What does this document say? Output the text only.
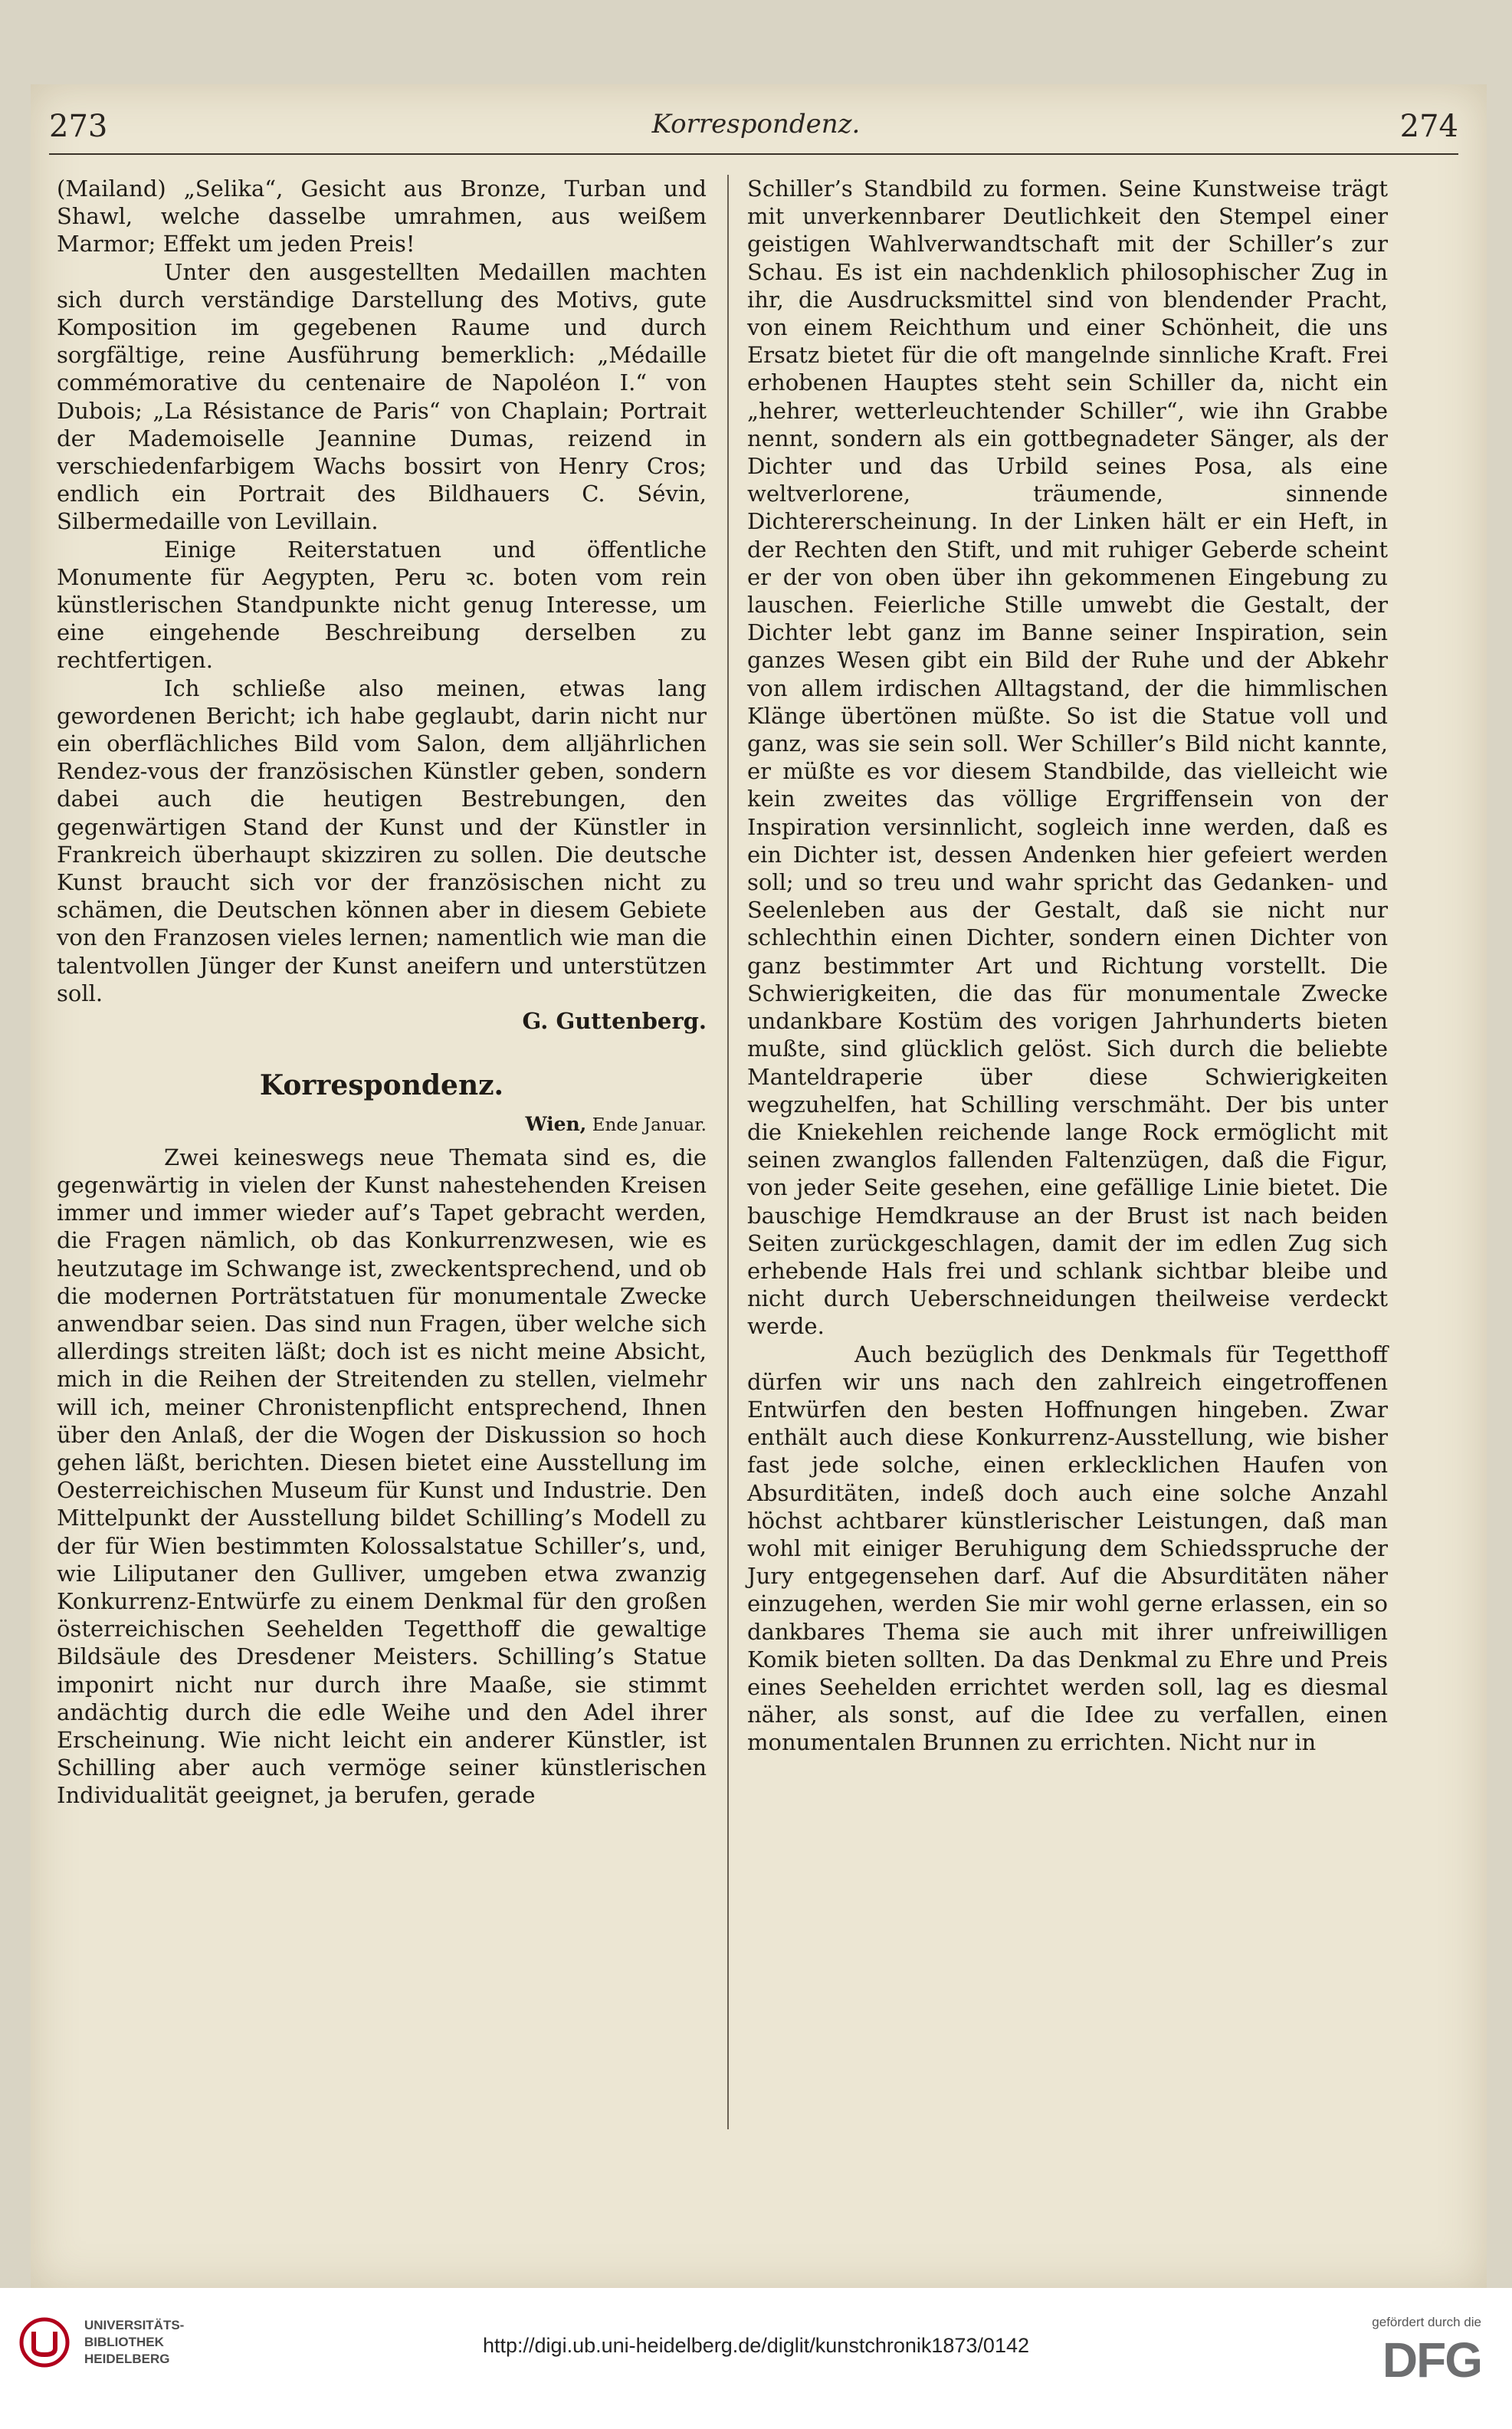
273	Korrespondenz.	274

(Mailand) „Selika“, Gesicht aus Bronze, Turban und Shawl, welche dasselbe umrahmen, aus weißem Marmor; Effekt um jeden Preis!

Unter den ausgestellten Medaillen machten sich durch verständige Darstellung des Motivs, gute Komposition im gegebenen Raume und durch sorgfältige, reine Ausführung bemerklich: „Médaille commémorative du centenaire de Napoléon I.“ von Dubois; „La Résistance de Paris“ von Chaplain; Portrait der Mademoiselle Jeannine Dumas, reizend in verschiedenfarbigem Wachs bossirt von Henry Cros; endlich ein Portrait des Bildhauers C. Sévin, Silbermedaille von Levillain.

Einige Reiterstatuen und öffentliche Monumente für Aegypten, Peru ꝛc. boten vom rein künstlerischen Standpunkte nicht genug Interesse, um eine eingehende Beschreibung derselben zu rechtfertigen.

Ich schließe also meinen, etwas lang gewordenen Bericht; ich habe geglaubt, darin nicht nur ein oberflächliches Bild vom Salon, dem alljährlichen Rendez-vous der französischen Künstler geben, sondern dabei auch die heutigen Bestrebungen, den gegenwärtigen Stand der Kunst und der Künstler in Frankreich überhaupt skizziren zu sollen. Die deutsche Kunst braucht sich vor der französischen nicht zu schämen, die Deutschen können aber in diesem Gebiete von den Franzosen vieles lernen; namentlich wie man die talentvollen Jünger der Kunst aneifern und unterstützen soll.

G. Guttenberg.

Korrespondenz.
Wien, Ende Januar.

Zwei keineswegs neue Themata sind es, die gegenwärtig in vielen der Kunst nahestehenden Kreisen immer und immer wieder auf’s Tapet gebracht werden, die Fragen nämlich, ob das Konkurrenzwesen, wie es heutzutage im Schwange ist, zweckentsprechend, und ob die modernen Porträtstatuen für monumentale Zwecke anwendbar seien. Das sind nun Fragen, über welche sich allerdings streiten läßt; doch ist es nicht meine Absicht, mich in die Reihen der Streitenden zu stellen, vielmehr will ich, meiner Chronistenpflicht entsprechend, Ihnen über den Anlaß, der die Wogen der Diskussion so hoch gehen läßt, berichten. Diesen bietet eine Ausstellung im Oesterreichischen Museum für Kunst und Industrie. Den Mittelpunkt der Ausstellung bildet Schilling’s Modell zu der für Wien bestimmten Kolossalstatue Schiller’s, und, wie Liliputaner den Gulliver, umgeben etwa zwanzig Konkurrenz-Entwürfe zu einem Denkmal für den großen österreichischen Seehelden Tegetthoff die gewaltige Bildsäule des Dresdener Meisters. Schilling’s Statue imponirt nicht nur durch ihre Maaße, sie stimmt andächtig durch die edle Weihe und den Adel ihrer Erscheinung. Wie nicht leicht ein anderer Künstler, ist Schilling aber auch vermöge seiner künstlerischen Individualität geeignet, ja berufen, gerade

Schiller’s Standbild zu formen. Seine Kunstweise trägt mit unverkennbarer Deutlichkeit den Stempel einer geistigen Wahlverwandtschaft mit der Schiller’s zur Schau. Es ist ein nachdenklich philosophischer Zug in ihr, die Ausdrucksmittel sind von blendender Pracht, von einem Reichthum und einer Schönheit, die uns Ersatz bietet für die oft mangelnde sinnliche Kraft. Frei erhobenen Hauptes steht sein Schiller da, nicht ein „hehrer, wetterleuchtender Schiller“, wie ihn Grabbe nennt, sondern als ein gottbegnadeter Sänger, als der Dichter und das Urbild seines Posa, als eine weltverlorene, träumende, sinnende Dichtererscheinung. In der Linken hält er ein Heft, in der Rechten den Stift, und mit ruhiger Geberde scheint er der von oben über ihn gekommenen Eingebung zu lauschen. Feierliche Stille umwebt die Gestalt, der Dichter lebt ganz im Banne seiner Inspiration, sein ganzes Wesen gibt ein Bild der Ruhe und der Abkehr von allem irdischen Alltagstand, der die himmlischen Klänge übertönen müßte. So ist die Statue voll und ganz, was sie sein soll. Wer Schiller’s Bild nicht kannte, er müßte es vor diesem Standbilde, das vielleicht wie kein zweites das völlige Ergriffensein von der Inspiration versinnlicht, sogleich inne werden, daß es ein Dichter ist, dessen Andenken hier gefeiert werden soll; und so treu und wahr spricht das Gedanken- und Seelenleben aus der Gestalt, daß sie nicht nur schlechthin einen Dichter, sondern einen Dichter von ganz bestimmter Art und Richtung vorstellt. Die Schwierigkeiten, die das für monumentale Zwecke undankbare Kostüm des vorigen Jahrhunderts bieten mußte, sind glücklich gelöst. Sich durch die beliebte Manteldraperie über diese Schwierigkeiten wegzuhelfen, hat Schilling verschmäht. Der bis unter die Kniekehlen reichende lange Rock ermöglicht mit seinen zwanglos fallenden Faltenzügen, daß die Figur, von jeder Seite gesehen, eine gefällige Linie bietet. Die bauschige Hemdkrause an der Brust ist nach beiden Seiten zurückgeschlagen, damit der im edlen Zug sich erhebende Hals frei und schlank sichtbar bleibe und nicht durch Ueberschneidungen theilweise verdeckt werde.

Auch bezüglich des Denkmals für Tegetthoff dürfen wir uns nach den zahlreich eingetroffenen Entwürfen den besten Hoffnungen hingeben. Zwar enthält auch diese Konkurrenz-Ausstellung, wie bisher fast jede solche, einen erklecklichen Haufen von Absurditäten, indeß doch auch eine solche Anzahl höchst achtbarer künstlerischer Leistungen, daß man wohl mit einiger Beruhigung dem Schiedsspruche der Jury entgegensehen darf. Auf die Absurditäten näher einzugehen, werden Sie mir wohl gerne erlassen, ein so dankbares Thema sie auch mit ihrer unfreiwilligen Komik bieten sollten. Da das Denkmal zu Ehre und Preis eines Seehelden errichtet werden soll, lag es diesmal näher, als sonst, auf die Idee zu verfallen, einen monumentalen Brunnen zu errichten. Nicht nur in

UNIVERSITÄTS-
BIBLIOTHEK
HEIDELBERG
http://digi.ub.uni-heidelberg.de/diglit/kunstchronik1873/0142
gefördert durch die
DFG
